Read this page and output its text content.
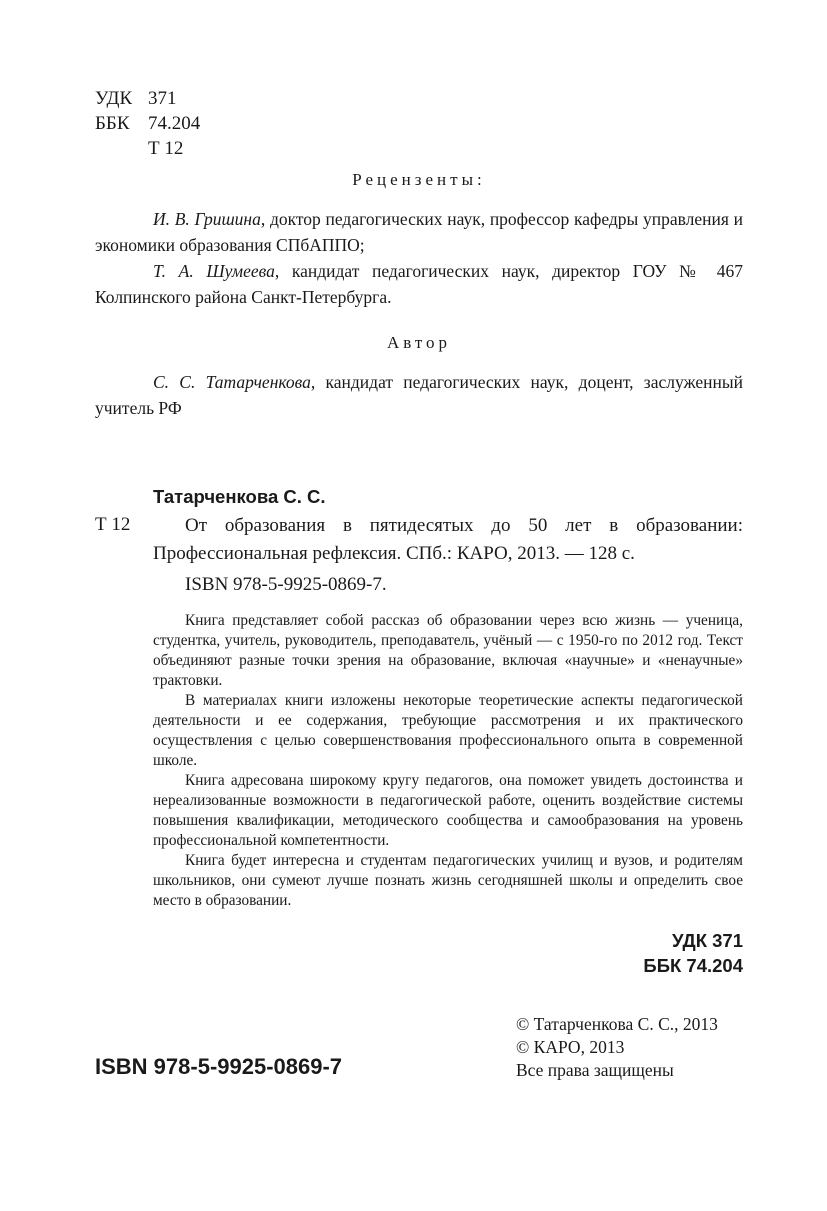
УДК 371
ББК 74.204
Т 12
Рецензенты:
И. В. Гришина, доктор педагогических наук, профессор кафедры управления и экономики образования СПбАППО;
Т. А. Шумеева, кандидат педагогических наук, директор ГОУ № 467 Колпинского района Санкт-Петербурга.
Автор
С. С. Татарченкова, кандидат педагогических наук, доцент, заслуженный учитель РФ
Татарченкова С. С.
Т 12	От образования в пятидесятых до 50 лет в образовании: Профессиональная рефлексия. СПб.: КАРО, 2013. — 128 с.
ISBN 978-5-9925-0869-7.

Книга представляет собой рассказ об образовании через всю жизнь — ученица, студентка, учитель, руководитель, преподаватель, учёный — с 1950-го по 2012 год. Текст объединяют разные точки зрения на образование, включая «научные» и «ненаучные» трактовки.

В материалах книги изложены некоторые теоретические аспекты педагогической деятельности и ее содержания, требующие рассмотрения и их практического осуществления с целью совершенствования профессионального опыта в современной школе.

Книга адресована широкому кругу педагогов, она поможет увидеть достоинства и нереализованные возможности в педагогической работе, оценить воздействие системы повышения квалификации, методического сообщества и самообразования на уровень профессиональной компетентности.

Книга будет интересна и студентам педагогических училищ и вузов, и родителям школьников, они сумеют лучше познать жизнь сегодняшней школы и определить свое место в образовании.

УДК 371
ББК 74.204
© Татарченкова С. С., 2013
© КАРО, 2013
Все права защищены
ISBN 978-5-9925-0869-7
